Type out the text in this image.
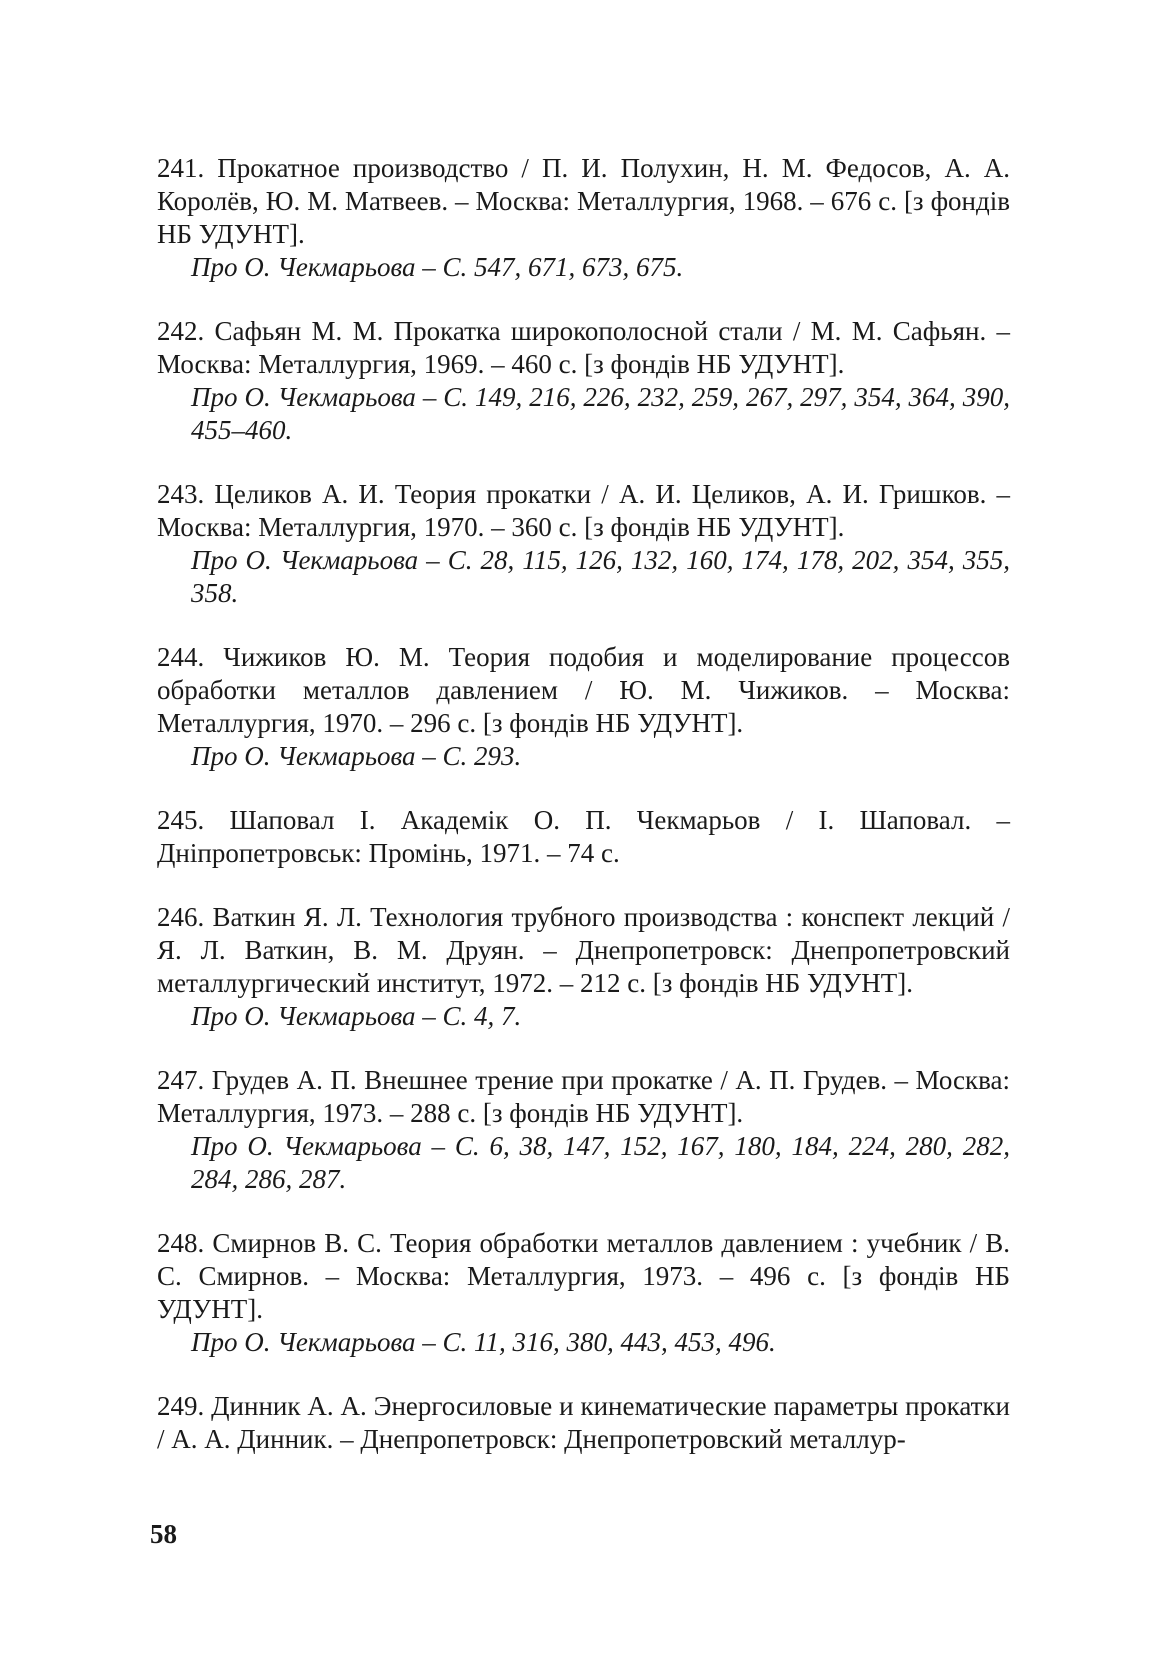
241. Прокатное производство / П. И. Полухин, Н. М. Федосов, А. А. Королёв, Ю. М. Матвеев. – Москва: Металлургия, 1968. – 676 с. [з фондів НБ УДУНТ].

Про О. Чекмарьова – С. 547, 671, 673, 675.

242. Сафьян М. М. Прокатка широкополосной стали / М. М. Сафьян. – Москва: Металлургия, 1969. – 460 с. [з фондів НБ УДУНТ].

Про О. Чекмарьова – С. 149, 216, 226, 232, 259, 267, 297, 354, 364, 390, 455–460.

243. Целиков А. И. Теория прокатки / А. И. Целиков, А. И. Гришков. – Москва: Металлургия, 1970. – 360 с. [з фондів НБ УДУНТ].

Про О. Чекмарьова – С. 28, 115, 126, 132, 160, 174, 178, 202, 354, 355, 358.

244. Чижиков Ю. М. Теория подобия и моделирование процессов обработки металлов давлением / Ю. М. Чижиков. – Москва: Металлургия, 1970. – 296 с. [з фондів НБ УДУНТ].

Про О. Чекмарьова – С. 293.

245. Шаповал І. Академік О. П. Чекмарьов / І. Шаповал. – Дніпропетровськ: Промінь, 1971. – 74 с.

246. Ваткин Я. Л. Технология трубного производства : конспект лекций / Я. Л. Ваткин, В. М. Друян. – Днепропетровск: Днепропетровский металлургический институт, 1972. – 212 с. [з фондів НБ УДУНТ].

Про О. Чекмарьова – С. 4, 7.

247. Грудев А. П. Внешнее трение при прокатке / А. П. Грудев. – Москва: Металлургия, 1973. – 288 с. [з фондів НБ УДУНТ].

Про О. Чекмарьова – С. 6, 38, 147, 152, 167, 180, 184, 224, 280, 282, 284, 286, 287.

248. Смирнов В. С. Теория обработки металлов давлением : учебник / В. С. Смирнов. – Москва: Металлургия, 1973. – 496 с. [з фондів НБ УДУНТ].

Про О. Чекмарьова – С. 11, 316, 380, 443, 453, 496.

249. Динник А. А. Энергосиловые и кинематические параметры прокатки / А. А. Динник. – Днепропетровск: Днепропетровский металлур-

58
